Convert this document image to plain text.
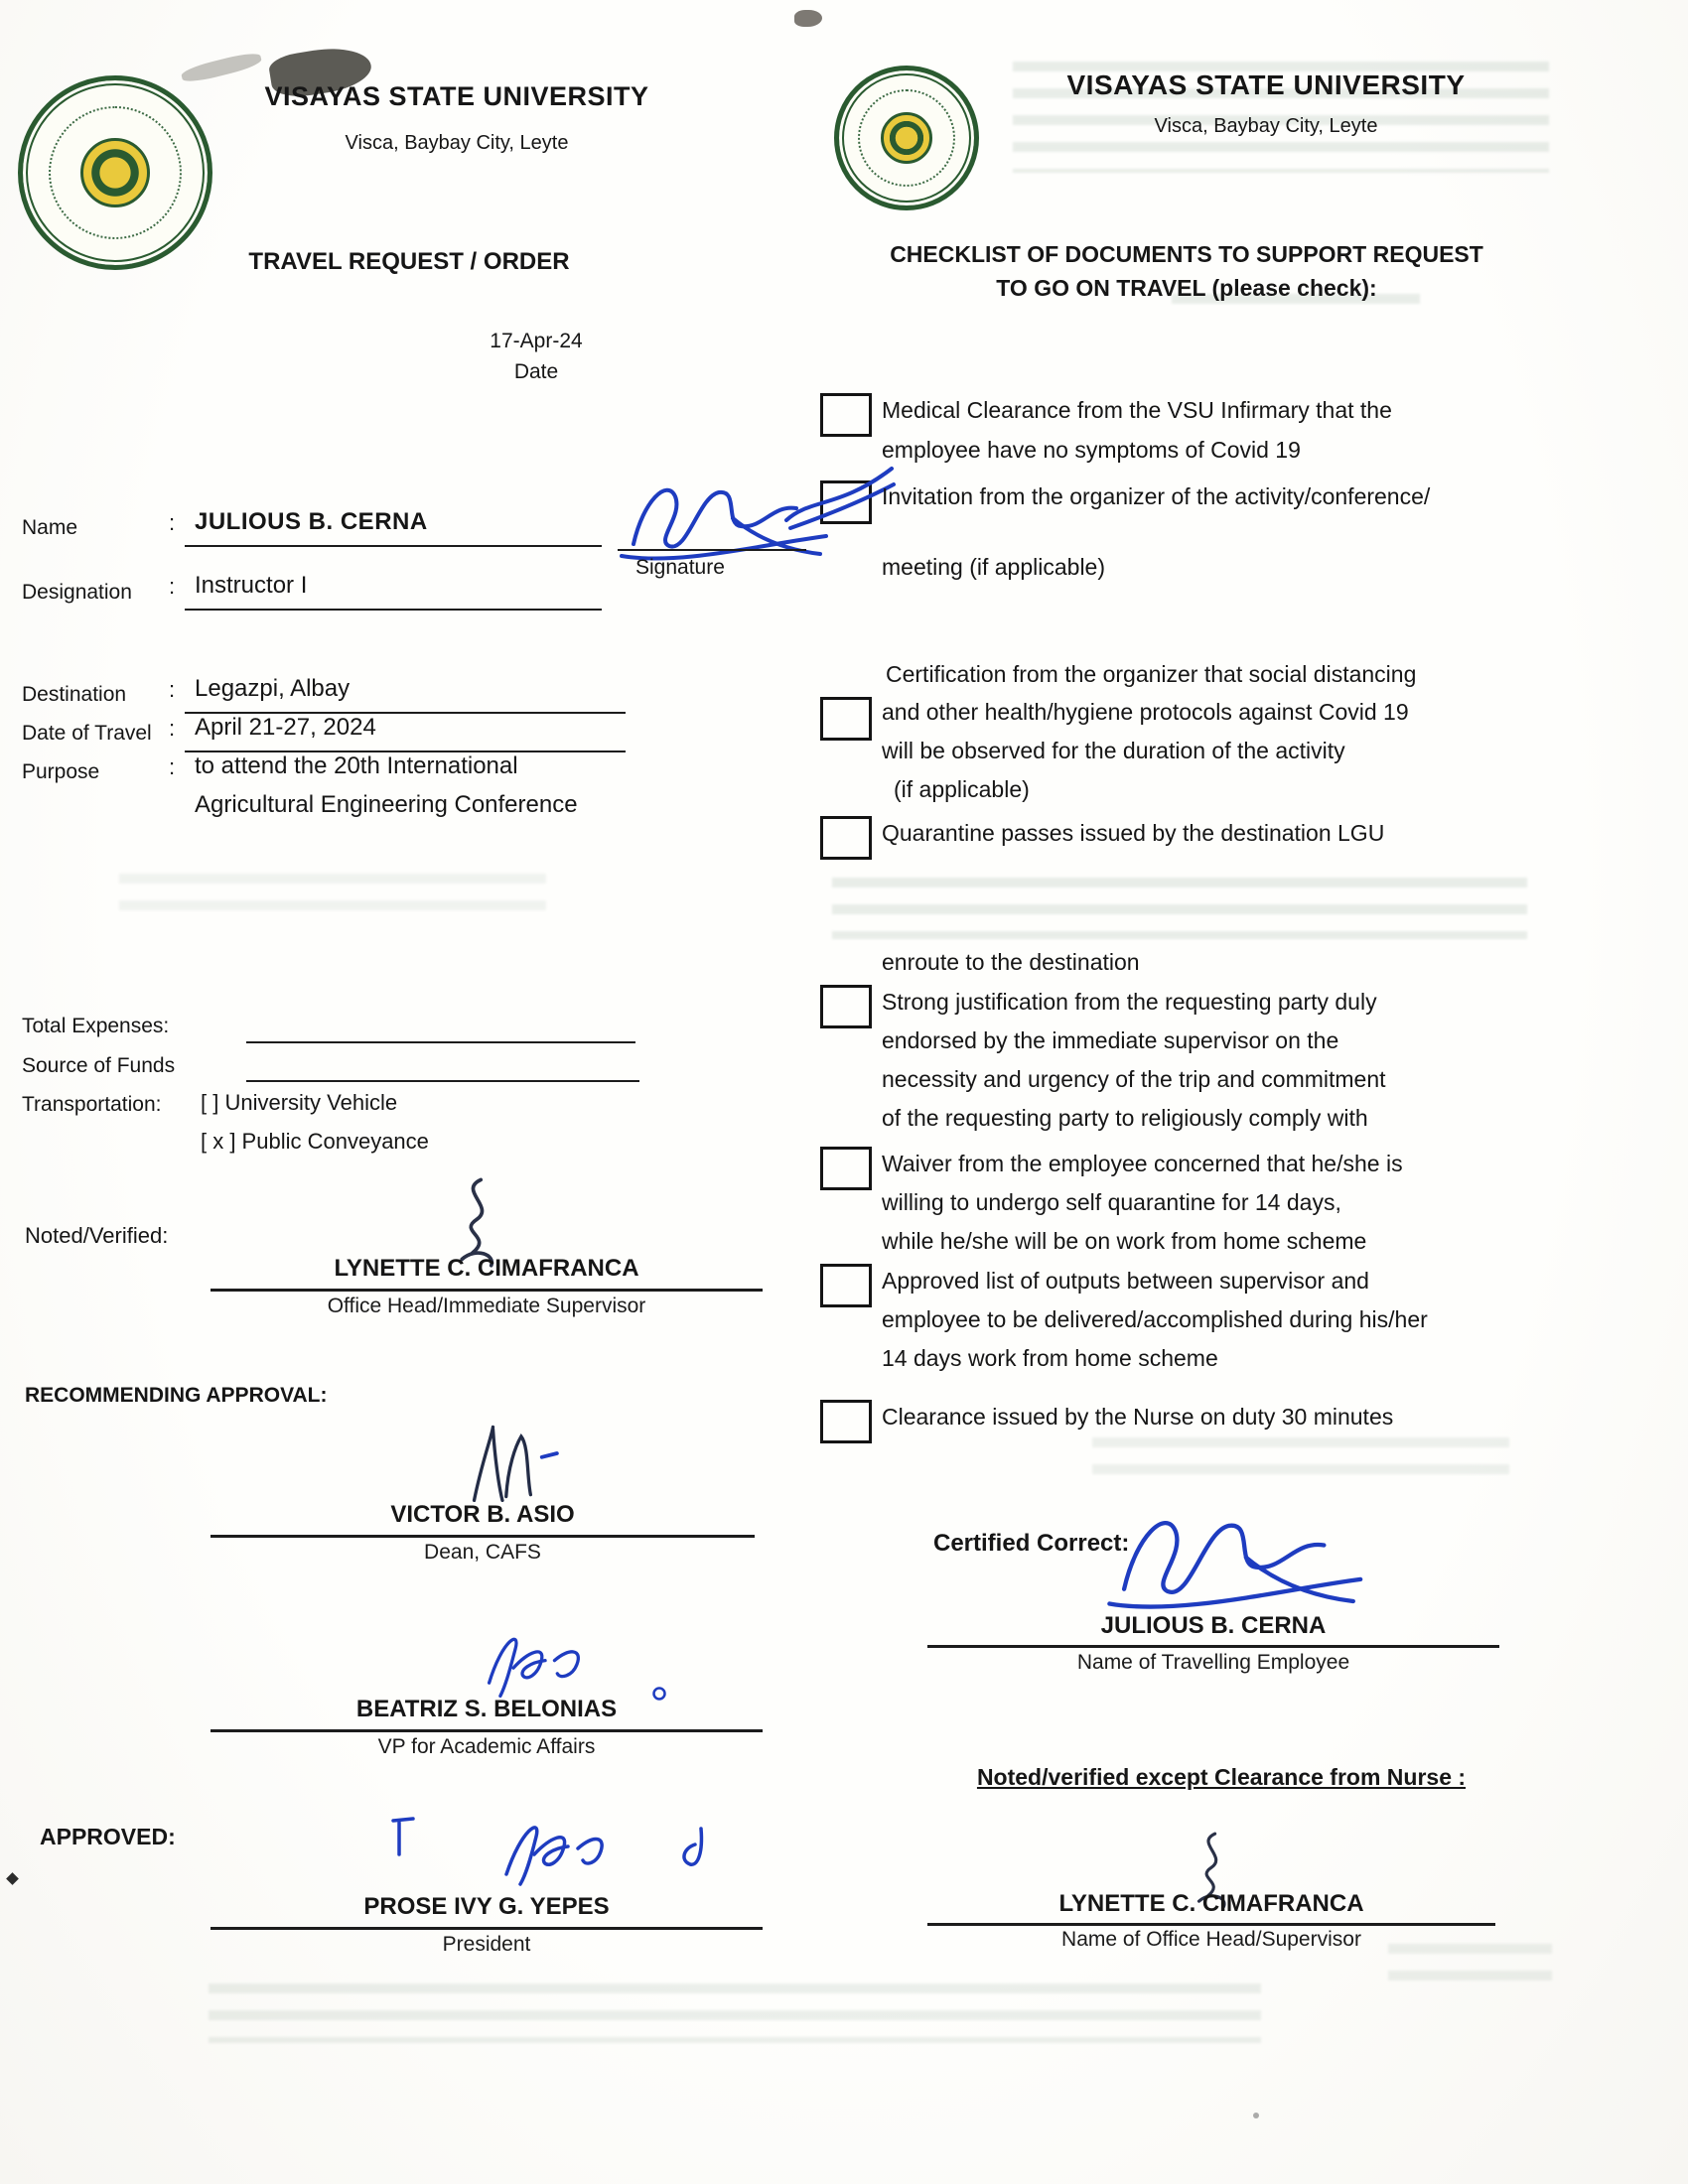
VISAYAS STATE UNIVERSITY
Visca, Baybay City, Leyte
TRAVEL REQUEST / ORDER
17-Apr-24
Date
Name	: JULIOUS B. CERNA
Signature
Designation : Instructor I
Destination : Legazpi, Albay
Date of Travel : April 21-27, 2024
Purpose	: to attend the 20th International
Agricultural Engineering Conference
Total Expenses:
Source of Funds
Transportation: [ ] University Vehicle
[ x ] Public Conveyance
Noted/Verified:
LYNETTE C. CIMAFRANCA
Office Head/Immediate Supervisor
RECOMMENDING APPROVAL:
VICTOR B. ASIO
Dean, CAFS
BEATRIZ S. BELONIAS
VP for Academic Affairs
APPROVED:
PROSE IVY G. YEPES
President
VISAYAS STATE UNIVERSITY
Visca, Baybay City, Leyte
CHECKLIST OF DOCUMENTS TO SUPPORT REQUEST
TO GO ON TRAVEL (please check):
Medical Clearance from the VSU Infirmary that the
employee have no symptoms of Covid 19
Invitation from the organizer of the activity/conference/
meeting (if applicable)
Certification from the organizer that social distancing
and other health/hygiene protocols against Covid 19
will be observed for the duration of the activity
(if applicable)
Quarantine passes issued by the destination LGU
enroute to the destination
Strong justification from the requesting party duly
endorsed by the immediate supervisor on the
necessity and urgency of the trip and commitment
of the requesting party to religiously comply with
Waiver from the employee concerned that he/she is
willing to undergo self quarantine for 14 days,
while he/she will be on work from home scheme
Approved list of outputs between supervisor and
employee to be delivered/accomplished during his/her
14 days work from home scheme
Clearance issued by the Nurse on duty 30 minutes
Certified Correct:
JULIOUS B. CERNA
Name of Travelling Employee
Noted/verified except Clearance from Nurse :
LYNETTE C. CIMAFRANCA
Name of Office Head/Supervisor
